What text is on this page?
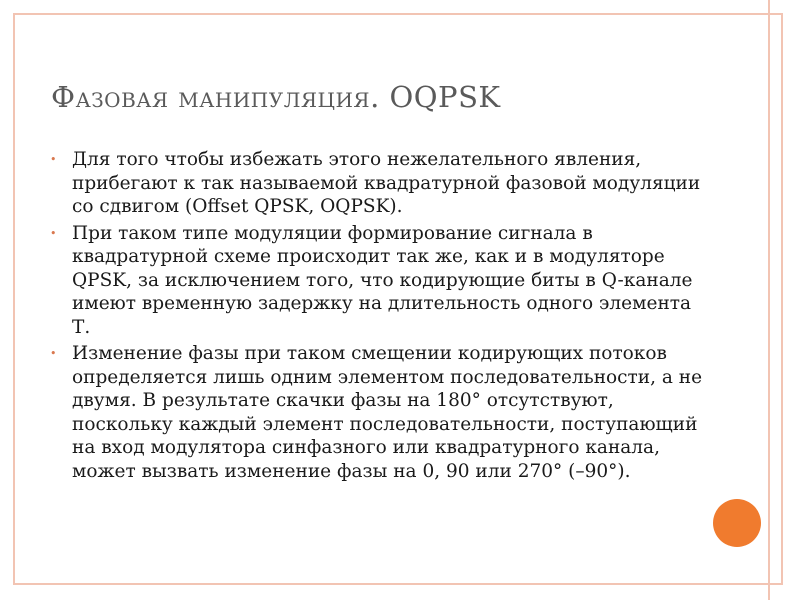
Фазовая манипуляция. OQPSK
• Для того чтобы избежать этого нежелательного явления, прибегают к так называемой квадратурной фазовой модуляции со сдвигом (Offset QPSK, OQPSK).
• При таком типе модуляции формирование сигнала в квадратурной схеме происходит так же, как и в модуляторе QPSK, за исключением того, что кодирующие биты в Q-канале имеют временную задержку на длительность одного элемента Т.
• Изменение фазы при таком смещении кодирующих потоков определяется лишь одним элементом последовательности, а не двумя. В результате скачки фазы на 180° отсутствуют, поскольку каждый элемент последовательности, поступающий на вход модулятора синфазного или квадратурного канала, может вызвать изменение фазы на 0, 90 или 270° (–90°).
